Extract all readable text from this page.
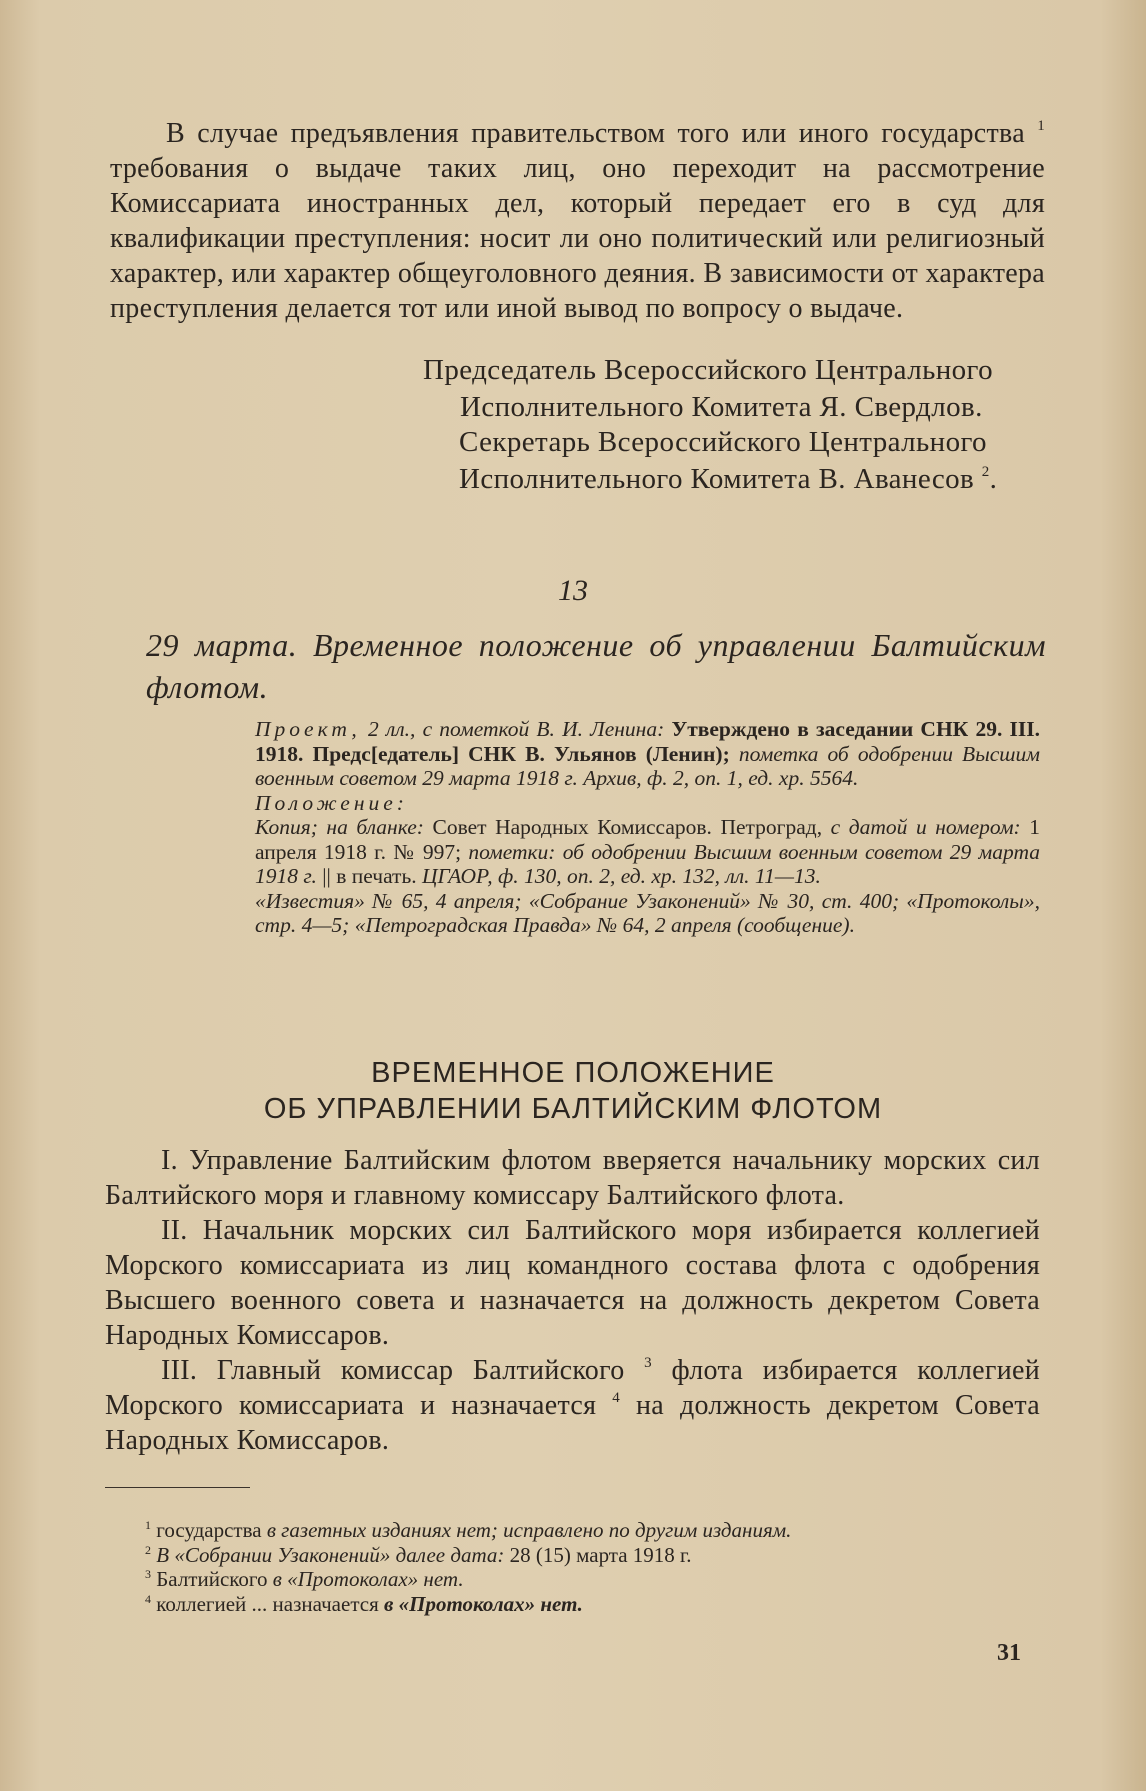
В случае предъявления правительством того или иного государства $^1$ требования о выдаче таких лиц, оно переходит на рассмотрение Комиссариата иностранных дел, который передает его в суд для квалификации преступления: носит ли оно политический или религиозный характер, или характер общеуголовного деяния. В зависимости от характера преступления делается тот или иной вывод по вопросу о выдаче.

Председатель Всероссийского Центрального
Исполнительного Комитета Я. Свердлов.
Секретарь Всероссийского Центрального
Исполнительного Комитета В. Аванесов $^2$.
13
29 марта. Временное положение об управлении Балтийским флотом.

Проект, 2 лл., с пометкой В. И. Ленина: Утверждено в заседании СНК 29. III. 1918. Предс[едатель] СНК В. Ульянов (Ленин); пометка об одобрении Высшим военным советом 29 марта 1918 г. Архив, ф. 2, оп. 1, ед. хр. 5564.

Положение:

Копия; на бланке: Совет Народных Комиссаров. Петроград, с датой и номером: 1 апреля 1918 г. № 997; пометки: об одобрении Высшим военным советом 29 марта 1918 г. || в печать. ЦГАОР, ф. 130, оп. 2, ед. хр. 132, лл. 11—13.

«Известия» № 65, 4 апреля; «Собрание Узаконений» № 30, ст. 400; «Протоколы», стр. 4—5; «Петроградская Правда» № 64, 2 апреля (сообщение).

ВРЕМЕННОЕ ПОЛОЖЕНИЕ
ОБ УПРАВЛЕНИИ БАЛТИЙСКИМ ФЛОТОМ

I. Управление Балтийским флотом вверяется начальнику морских сил Балтийского моря и главному комиссару Балтийского флота.

II. Начальник морских сил Балтийского моря избирается коллегией Морского комиссариата из лиц командного состава флота с одобрения Высшего военного совета и назначается на должность декретом Совета Народных Комиссаров.

III. Главный комиссар Балтийского $^3$ флота избирается коллегией Морского комиссариата и назначается $^4$ на должность декретом Совета Народных Комиссаров.

$^1$ государства в газетных изданиях нет; исправлено по другим изданиям.

$^2$ В «Собрании Узаконений» далее дата: 28 (15) марта 1918 г.

$^3$ Балтийского в «Протоколах» нет.

$^4$ коллегией ... назначается в «Протоколах» нет.

31
